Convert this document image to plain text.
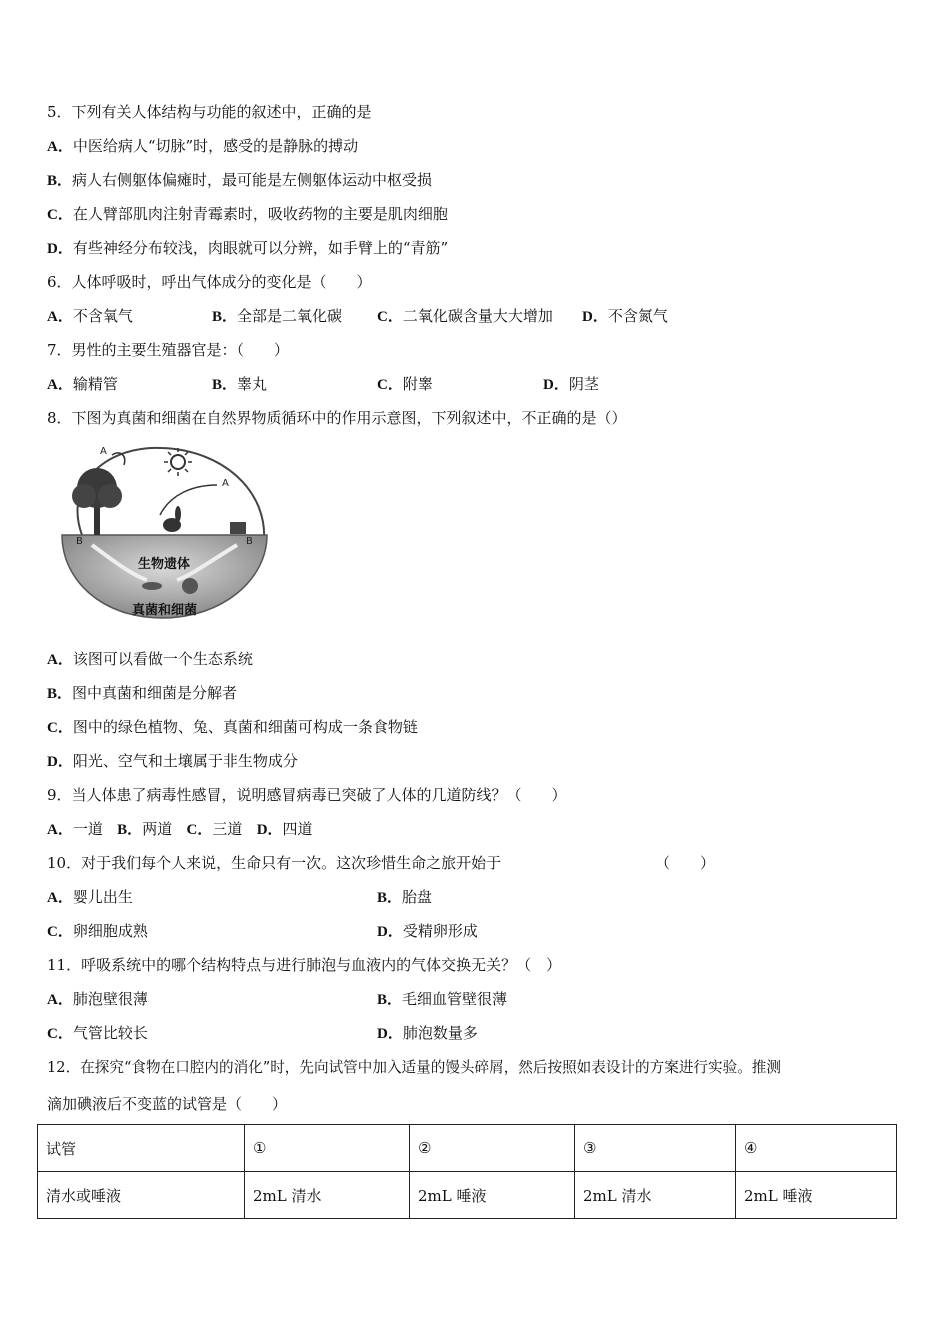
5．下列有关人体结构与功能的叙述中，正确的是
A．中医给病人“切脉”时，感受的是静脉的搏动
B．病人右侧躯体偏瘫时，最可能是左侧躯体运动中枢受损
C．在人臂部肌肉注射青霉素时，吸收药物的主要是肌肉细胞
D．有些神经分布较浅，肉眼就可以分辨，如手臂上的“青筋”
6．人体呼吸时，呼出气体成分的变化是（　　）
A．不含氧气	B．全部是二氧化碳 C．二氧化碳含量大大增加 D．不含氮气
7．男性的主要生殖器官是：（　　）
A．输精管	B．睾丸	C．附睾	D．阴茎
8．下图为真菌和细菌在自然界物质循环中的作用示意图，下列叙述中，不正确的是（）
A
A
B	B
生物遗体
真菌和细菌
A．该图可以看做一个生态系统
B．图中真菌和细菌是分解者
C．图中的绿色植物、兔、真菌和细菌可构成一条食物链
D．阳光、空气和土壤属于非生物成分
9．当人体患了病毒性感冒，说明感冒病毒已突破了人体的几道防线？（　　）
A．一道 B．两道 C．三道 D．四道
10．对于我们每个人来说，生命只有一次。这次珍惜生命之旅开始于	（　　）
A．婴儿出生	B．胎盘
C．卵细胞成熟	D．受精卵形成
11．呼吸系统中的哪个结构特点与进行肺泡与血液内的气体交换无关？（　）
A．肺泡壁很薄	B．毛细血管壁很薄
C．气管比较长	D．肺泡数量多
12．在探究“食物在口腔内的消化”时，先向试管中加入适量的馒头碎屑，然后按照如表设计的方案进行实验。推测
滴加碘液后不变蓝的试管是（　　）
试管	①	②	③	④
清水或唾液	2mL 清水	2mL 唾液	2mL 清水	2mL 唾液
